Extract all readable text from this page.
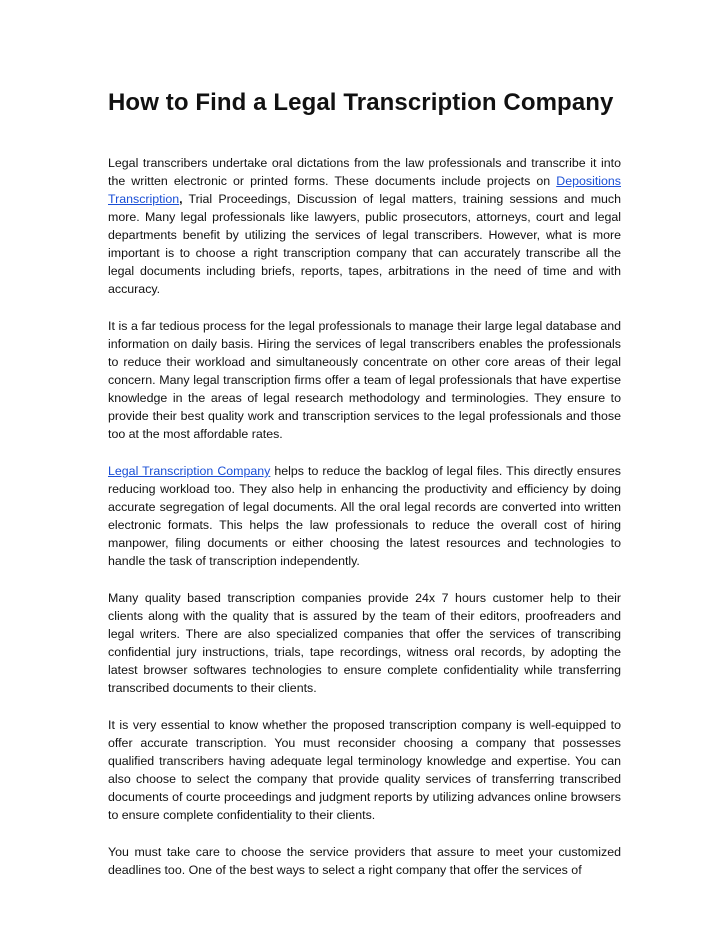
How to Find a Legal Transcription Company

Legal transcribers undertake oral dictations from the law professionals and transcribe it into the written electronic or printed forms. These documents include projects on Depositions Transcription, Trial Proceedings, Discussion of legal matters, training sessions and much more. Many legal professionals like lawyers, public prosecutors, attorneys, court and legal departments benefit by utilizing the services of legal transcribers. However, what is more important is to choose a right transcription company that can accurately transcribe all the legal documents including briefs, reports, tapes, arbitrations in the need of time and with accuracy.

It is a far tedious process for the legal professionals to manage their large legal database and information on daily basis. Hiring the services of legal transcribers enables the professionals to reduce their workload and simultaneously concentrate on other core areas of their legal concern. Many legal transcription firms offer a team of legal professionals that have expertise knowledge in the areas of legal research methodology and terminologies. They ensure to provide their best quality work and transcription services to the legal professionals and those too at the most affordable rates.

Legal Transcription Company helps to reduce the backlog of legal files. This directly ensures reducing workload too. They also help in enhancing the productivity and efficiency by doing accurate segregation of legal documents. All the oral legal records are converted into written electronic formats. This helps the law professionals to reduce the overall cost of hiring manpower, filing documents or either choosing the latest resources and technologies to handle the task of transcription independently.

Many quality based transcription companies provide 24x 7 hours customer help to their clients along with the quality that is assured by the team of their editors, proofreaders and legal writers. There are also specialized companies that offer the services of transcribing confidential jury instructions, trials, tape recordings, witness oral records, by adopting the latest browser softwares technologies to ensure complete confidentiality while transferring transcribed documents to their clients.

It is very essential to know whether the proposed transcription company is well-equipped to offer accurate transcription. You must reconsider choosing a company that possesses qualified transcribers having adequate legal terminology knowledge and expertise. You can also choose to select the company that provide quality services of transferring transcribed documents of courte proceedings and judgment reports by utilizing advances online browsers to ensure complete confidentiality to their clients.

You must take care to choose the service providers that assure to meet your customized deadlines too. One of the best ways to select a right company that offer the services of
